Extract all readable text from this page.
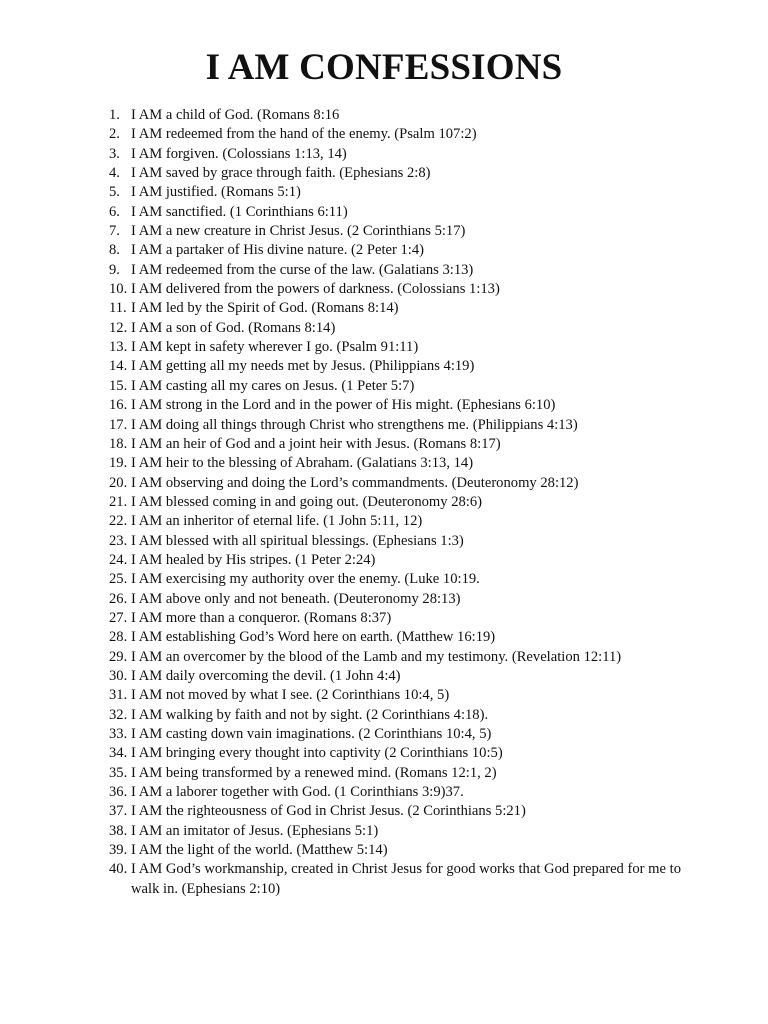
I AM CONFESSIONS
1. I AM a child of God. (Romans 8:16
2. I AM redeemed from the hand of the enemy. (Psalm 107:2)
3. I AM forgiven. (Colossians 1:13, 14)
4. I AM saved by grace through faith. (Ephesians 2:8)
5. I AM justified. (Romans 5:1)
6. I AM sanctified. (1 Corinthians 6:11)
7. I AM a new creature in Christ Jesus. (2 Corinthians 5:17)
8. I AM a partaker of His divine nature. (2 Peter 1:4)
9. I AM redeemed from the curse of the law. (Galatians 3:13)
10. I AM delivered from the powers of darkness. (Colossians 1:13)
11. I AM led by the Spirit of God. (Romans 8:14)
12. I AM a son of God. (Romans 8:14)
13. I AM kept in safety wherever I go. (Psalm 91:11)
14. I AM getting all my needs met by Jesus. (Philippians 4:19)
15. I AM casting all my cares on Jesus. (1 Peter 5:7)
16. I AM strong in the Lord and in the power of His might. (Ephesians 6:10)
17. I AM doing all things through Christ who strengthens me. (Philippians 4:13)
18. I AM an heir of God and a joint heir with Jesus. (Romans 8:17)
19. I AM heir to the blessing of Abraham. (Galatians 3:13, 14)
20. I AM observing and doing the Lord’s commandments. (Deuteronomy 28:12)
21. I AM blessed coming in and going out. (Deuteronomy 28:6)
22. I AM an inheritor of eternal life. (1 John 5:11, 12)
23. I AM blessed with all spiritual blessings. (Ephesians 1:3)
24. I AM healed by His stripes. (1 Peter 2:24)
25. I AM exercising my authority over the enemy. (Luke 10:19.
26. I AM above only and not beneath. (Deuteronomy 28:13)
27. I AM more than a conqueror. (Romans 8:37)
28. I AM establishing God’s Word here on earth. (Matthew 16:19)
29. I AM an overcomer by the blood of the Lamb and my testimony. (Revelation 12:11)
30. I AM daily overcoming the devil. (1 John 4:4)
31. I AM not moved by what I see. (2 Corinthians 10:4, 5)
32. I AM walking by faith and not by sight. (2 Corinthians 4:18).
33. I AM casting down vain imaginations. (2 Corinthians 10:4, 5)
34. I AM bringing every thought into captivity (2 Corinthians 10:5)
35. I AM being transformed by a renewed mind. (Romans 12:1, 2)
36. I AM a laborer together with God. (1 Corinthians 3:9)37.
37. I AM the righteousness of God in Christ Jesus. (2 Corinthians 5:21)
38. I AM an imitator of Jesus. (Ephesians 5:1)
39. I AM the light of the world. (Matthew 5:14)
40. I AM God’s workmanship, created in Christ Jesus for good works that God prepared for me towalk in. (Ephesians 2:10)
